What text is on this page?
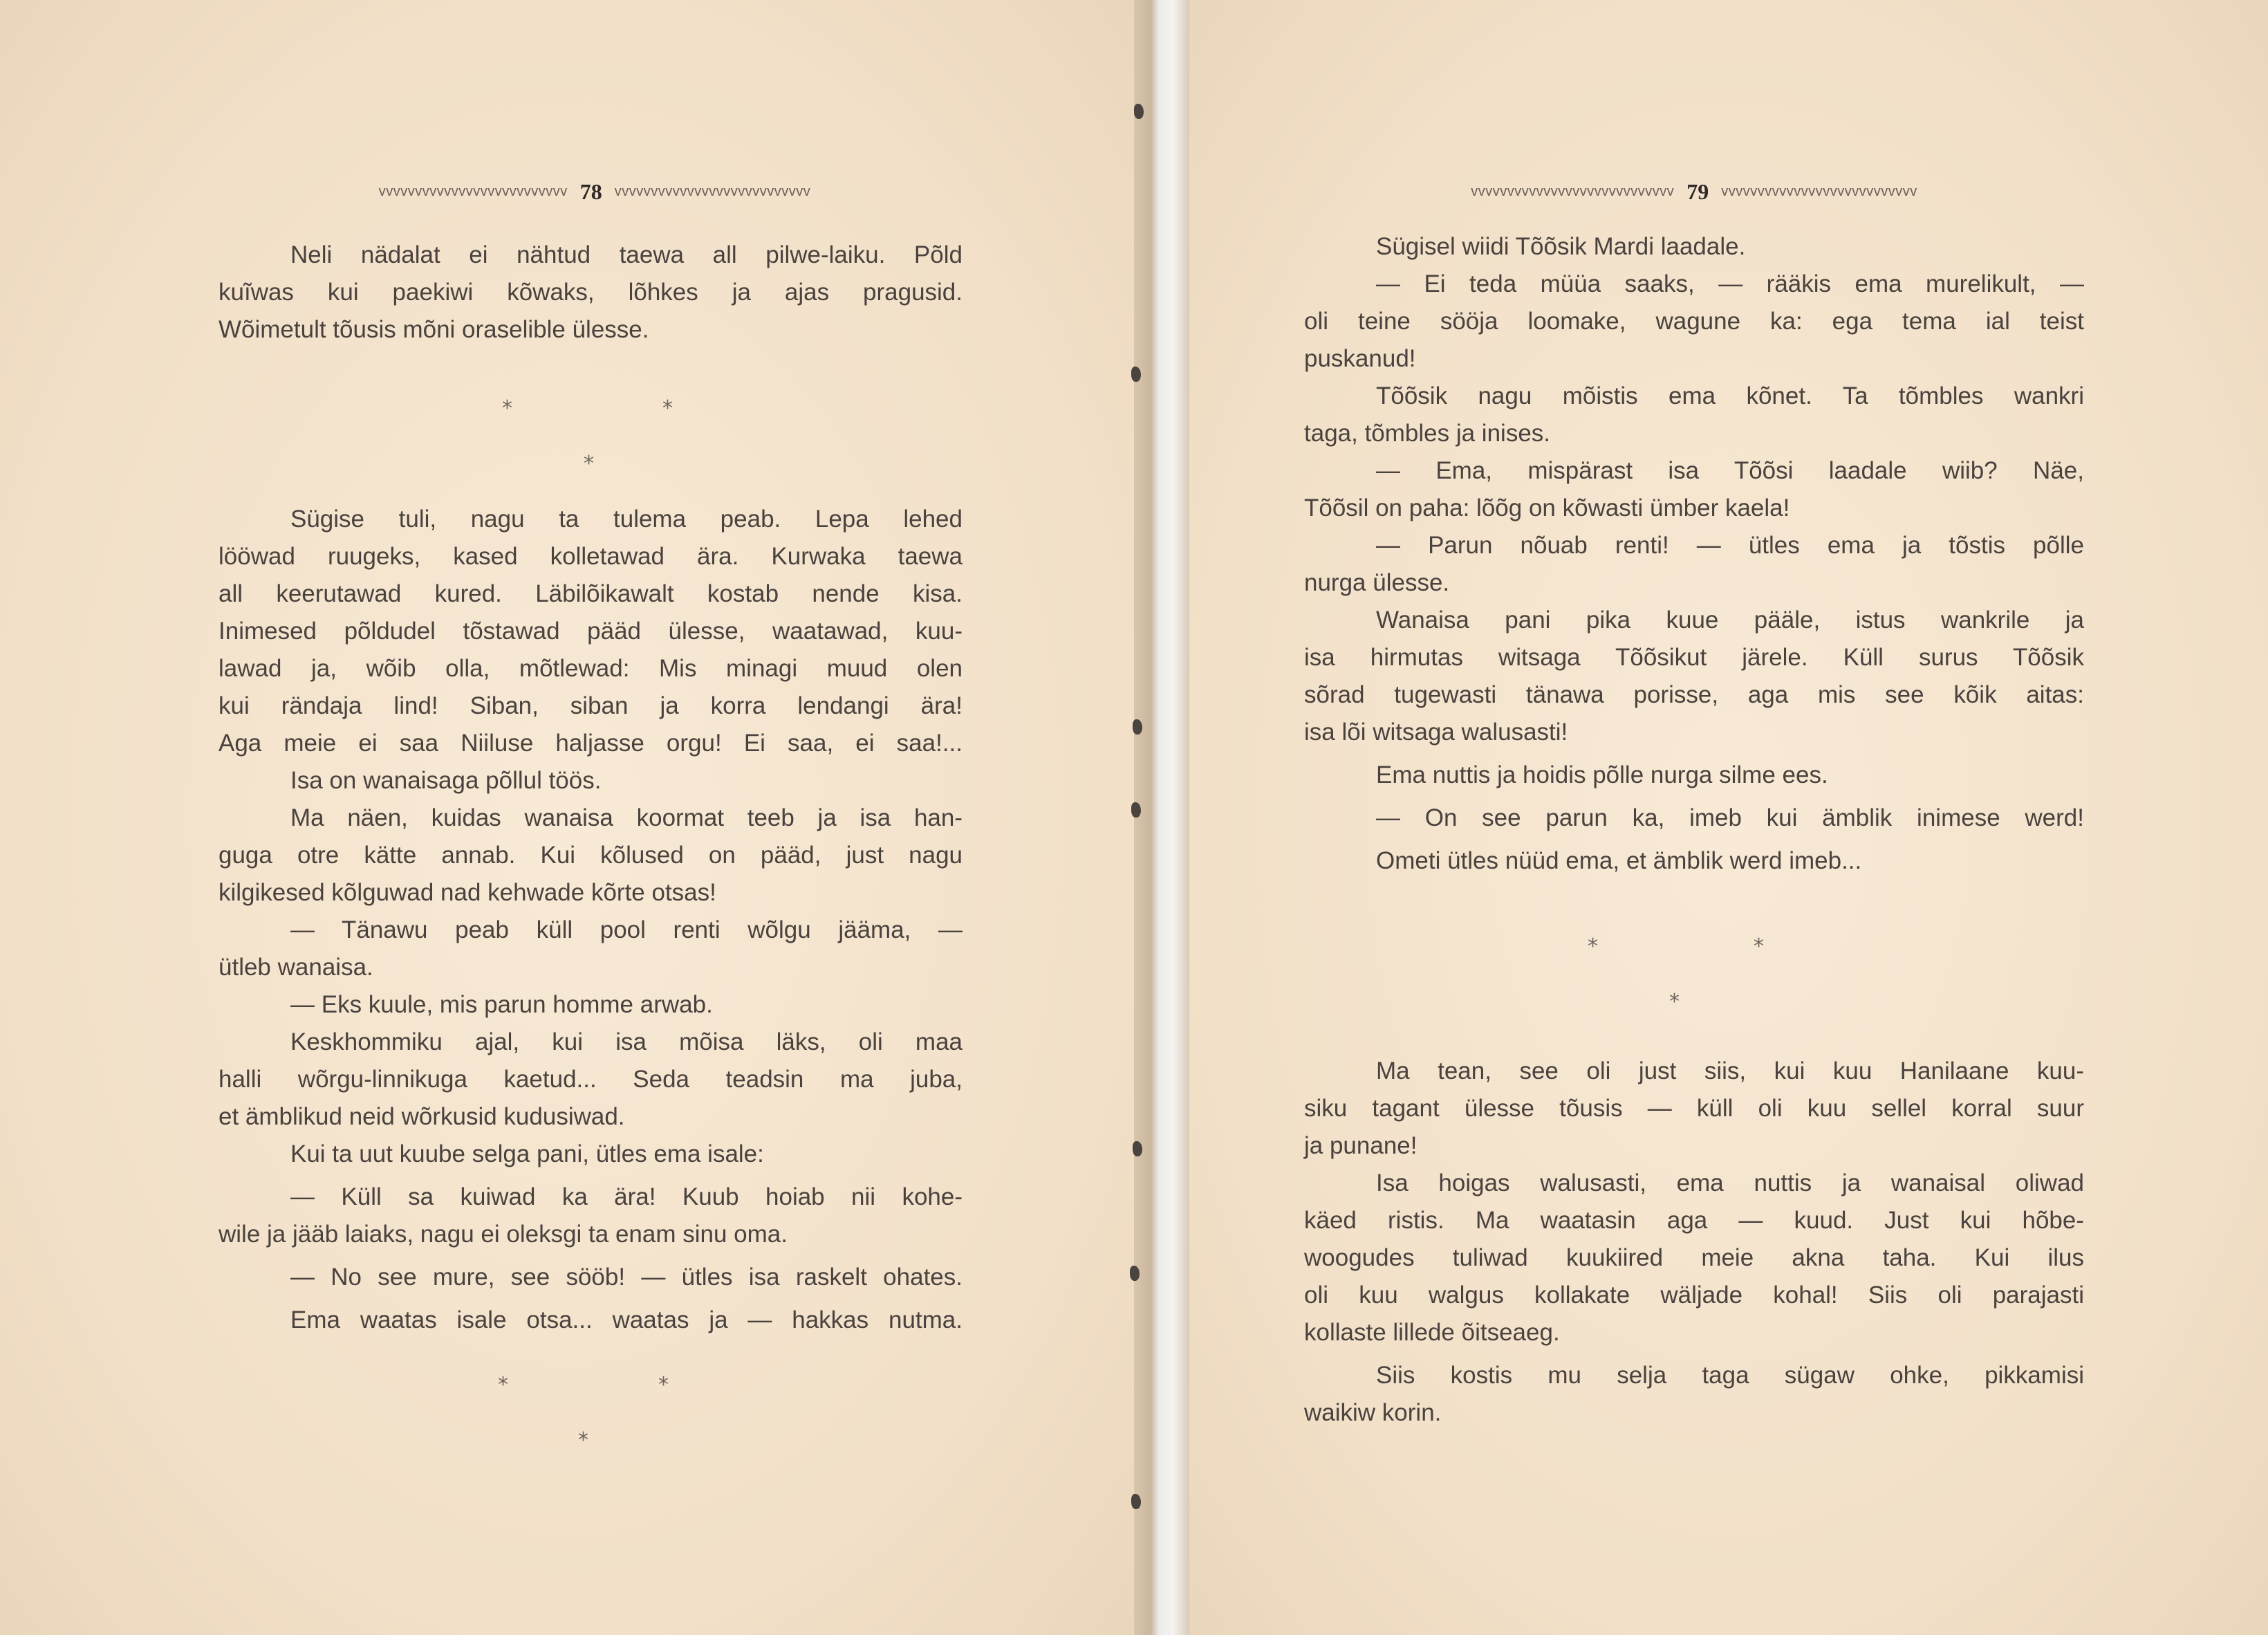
vvvvvvvvvvvvvvvvvvvvvvvvvv 78 vvvvvvvvvvvvvvvvvvvvvvvvvvv

Neli nädalat ei nähtud taewa all pilwe-laiku. Põld

kuĩwas kui paekiwi kõwaks, lõhkes ja ajas pragusid.

Wõimetult tõusis mõni oraselible ülesse.

*	*
*

Sügise tuli, nagu ta tulema peab. Lepa lehed

lööwad ruugeks, kased kolletawad ära. Kurwaka taewa

all keerutawad kured. Läbilõikawalt kostab nende kisa.

Inimesed põldudel tõstawad pääd ülesse, waatawad, kuu-

lawad ja, wõib olla, mõtlewad: Mis minagi muud olen

kui rändaja lind! Siban, siban ja korra lendangi ära!

Aga meie ei saa Niiluse haljasse orgu! Ei saa, ei saa!...

Isa on wanaisaga põllul töös.

Ma näen, kuidas wanaisa koormat teeb ja isa han-

guga otre kätte annab. Kui kõlused on pääd, just nagu

kilgikesed kõlguwad nad kehwade kõrte otsas!

— Tänawu peab küll pool renti wõlgu jääma, —

ütleb wanaisa.

— Eks kuule, mis parun homme arwab.

Keskhommiku ajal, kui isa mõisa läks, oli maa

halli wõrgu-linnikuga kaetud... Seda teadsin ma juba,

et ämblikud neid wõrkusid kudusiwad.

Kui ta uut kuube selga pani, ütles ema isale:

— Küll sa kuiwad ka ära! Kuub hoiab nii kohe-

wile ja jääb laiaks, nagu ei oleksgi ta enam sinu oma.

— No see mure, see sööb! — ütles isa raskelt ohates.

Ema waatas isale otsa... waatas ja — hakkas nutma.

*	*
*
vvvvvvvvvvvvvvvvvvvvvvvvvvvv 79 vvvvvvvvvvvvvvvvvvvvvvvvvvv

Sügisel wiidi Tõõsik Mardi laadale.

— Ei teda müüa saaks, — rääkis ema murelikult, —

oli teine sööja loomake, wagune ka: ega tema ial teist

puskanud!

Tõõsik nagu mõistis ema kõnet. Ta tõmbles wankri

taga, tõmbles ja inises.

— Ema, mispärast isa Tõõsi laadale wiib? Näe,

Tõõsil on paha: lõõg on kõwasti ümber kaela!

— Parun nõuab renti! — ütles ema ja tõstis põlle

nurga ülesse.

Wanaisa pani pika kuue pääle, istus wankrile ja

isa hirmutas witsaga Tõõsikut järele. Küll surus Tõõsik

sõrad tugewasti tänawa porisse, aga mis see kõik aitas:

isa lõi witsaga walusasti!

Ema nuttis ja hoidis põlle nurga silme ees.

— On see parun ka, imeb kui ämblik inimese werd!

Ometi ütles nüüd ema, et ämblik werd imeb...

*	*
*

Ma tean, see oli just siis, kui kuu Hanilaane kuu-

siku tagant ülesse tõusis — küll oli kuu sellel korral suur

ja punane!

Isa hoigas walusasti, ema nuttis ja wanaisal oliwad

käed ristis. Ma waatasin aga — kuud. Just kui hõbe-

woogudes tuliwad kuukiired meie akna taha. Kui ilus

oli kuu walgus kollakate wäljade kohal! Siis oli parajasti

kollaste lillede õitseaeg.

Siis kostis mu selja taga sügaw ohke, pikkamisi

waikiw korin.
